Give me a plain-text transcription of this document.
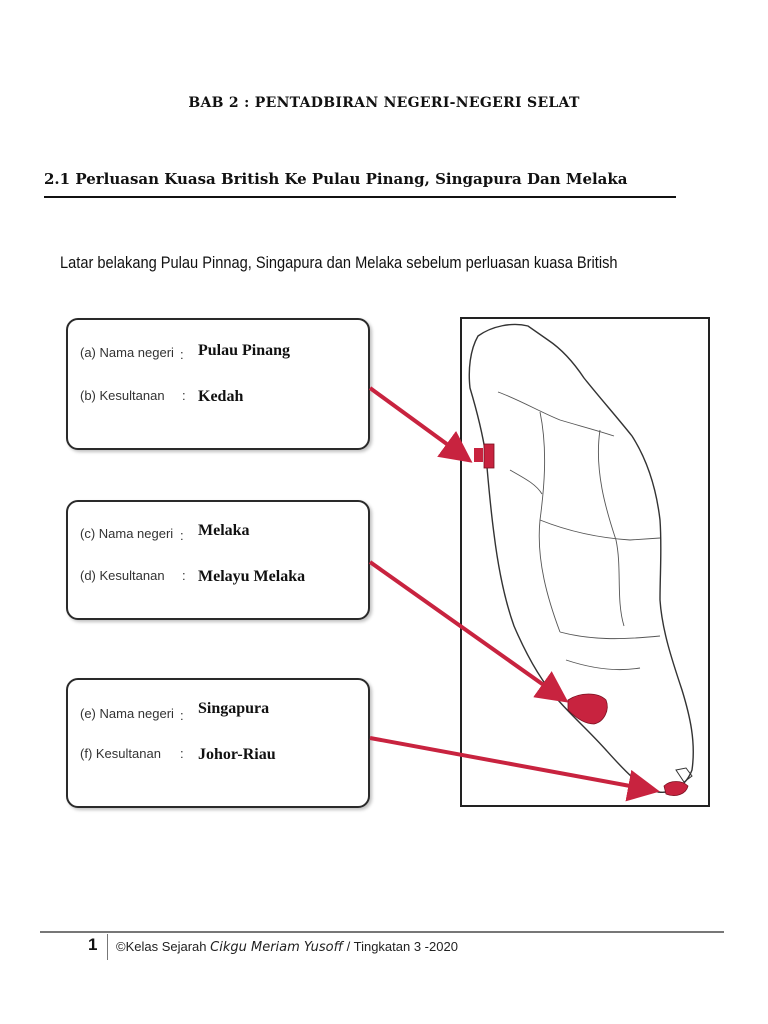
BAB 2 : PENTADBIRAN NEGERI-NEGERI SELAT
2.1 Perluasan Kuasa British Ke Pulau Pinang, Singapura Dan Melaka
Latar belakang Pulau Pinnag, Singapura dan Melaka sebelum perluasan kuasa British
(a) Nama negeri : Pulau Pinang
(b) Kesultanan : Kedah
(c) Nama negeri : Melaka
(d) Kesultanan : Melayu Melaka
(e) Nama negeri : Singapura
(f) Kesultanan : Johor-Riau
1 ©Kelas Sejarah Cikgu Meriam Yusoff / Tingkatan 3 -2020
